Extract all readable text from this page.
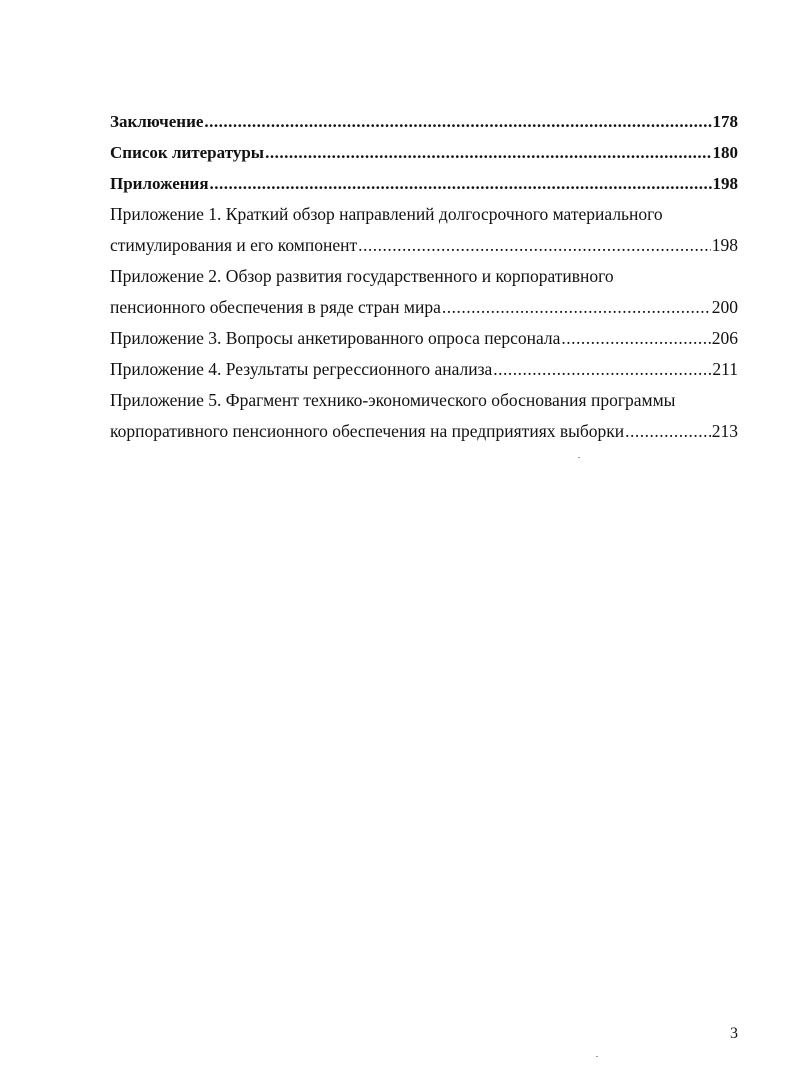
Заключение .....	178
Список литературы .....	180
Приложения .....	198
Приложение 1. Краткий обзор направлений долгосрочного материального
стимулирования и его компонент .....	198
Приложение 2. Обзор развития государственного и корпоративного
пенсионного обеспечения в ряде стран мира .....	200
Приложение 3. Вопросы анкетированного опроса персонала .....	206
Приложение 4. Результаты регрессионного анализа .....	211
Приложение 5. Фрагмент технико-экономического обоснования программы
корпоративного пенсионного обеспечения на предприятиях выборки .....	213
3
